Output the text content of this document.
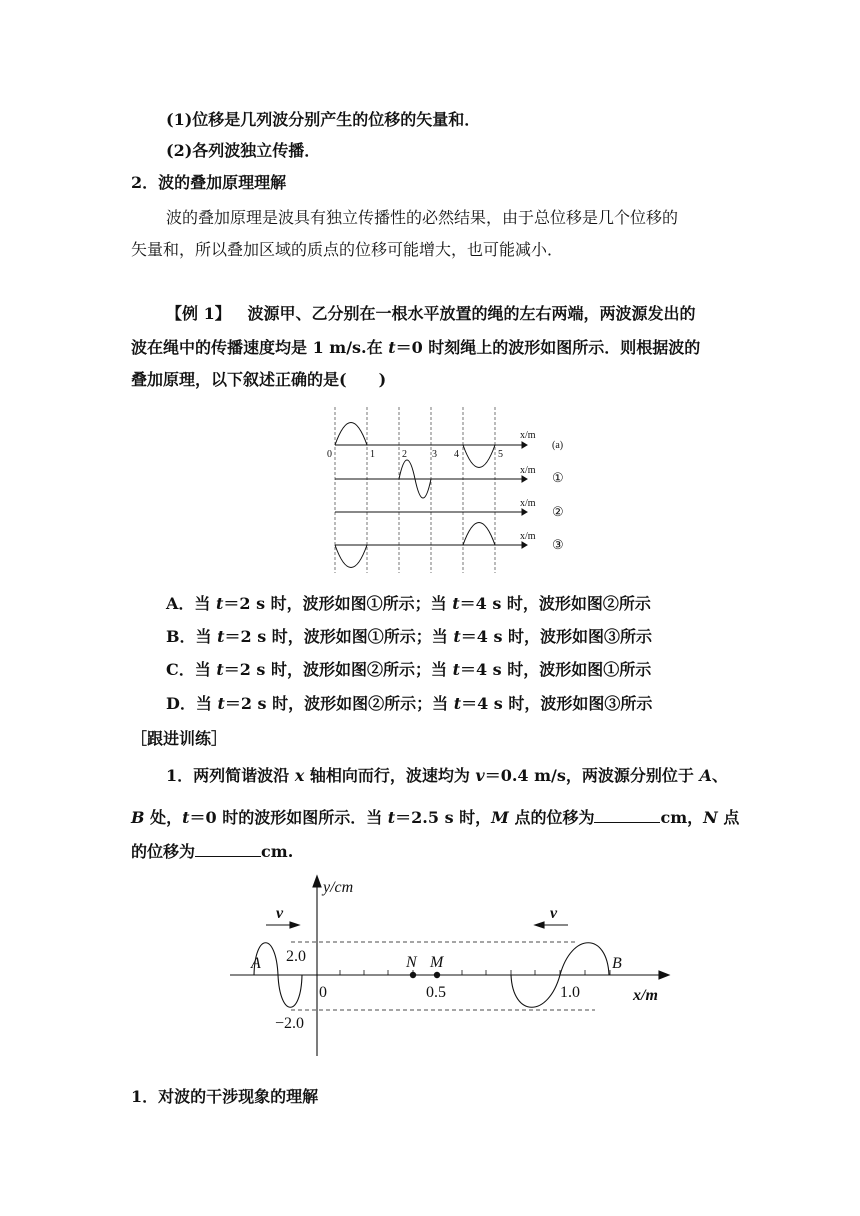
(1)位移是几列波分别产生的位移的矢量和．
(2)各列波独立传播．
2．波的叠加原理理解
波的叠加原理是波具有独立传播性的必然结果，由于总位移是几个位移的
矢量和，所以叠加区域的质点的位移可能增大，也可能减小．
【例 1】 波源甲、乙分别在一根水平放置的绳的左右两端，两波源发出的
波在绳中的传播速度均是 1 m/s.在 t＝0 时刻绳上的波形如图所示．则根据波的
叠加原理，以下叙述正确的是(　　)
x/m
x/m
x/m
x/m
(a)
①
②
③
0	1	2	3 4	5
A．当 t＝2 s 时，波形如图①所示；当 t＝4 s 时，波形如图②所示
B．当 t＝2 s 时，波形如图①所示；当 t＝4 s 时，波形如图③所示
C．当 t＝2 s 时，波形如图②所示；当 t＝4 s 时，波形如图①所示
D．当 t＝2 s 时，波形如图②所示；当 t＝4 s 时，波形如图③所示
［跟进训练］
1．两列简谐波沿 x 轴相向而行，波速均为 v＝0.4 m/s，两波源分别位于 A、
B 处，t＝0 时的波形如图所示．当 t＝2.5 s 时，M 点的位移为	cm，N 点
的位移为	cm.
y/cm
x/m
v	v
A	B
N M
0	0.5	1.0
2.0
−2.0
1．对波的干涉现象的理解
